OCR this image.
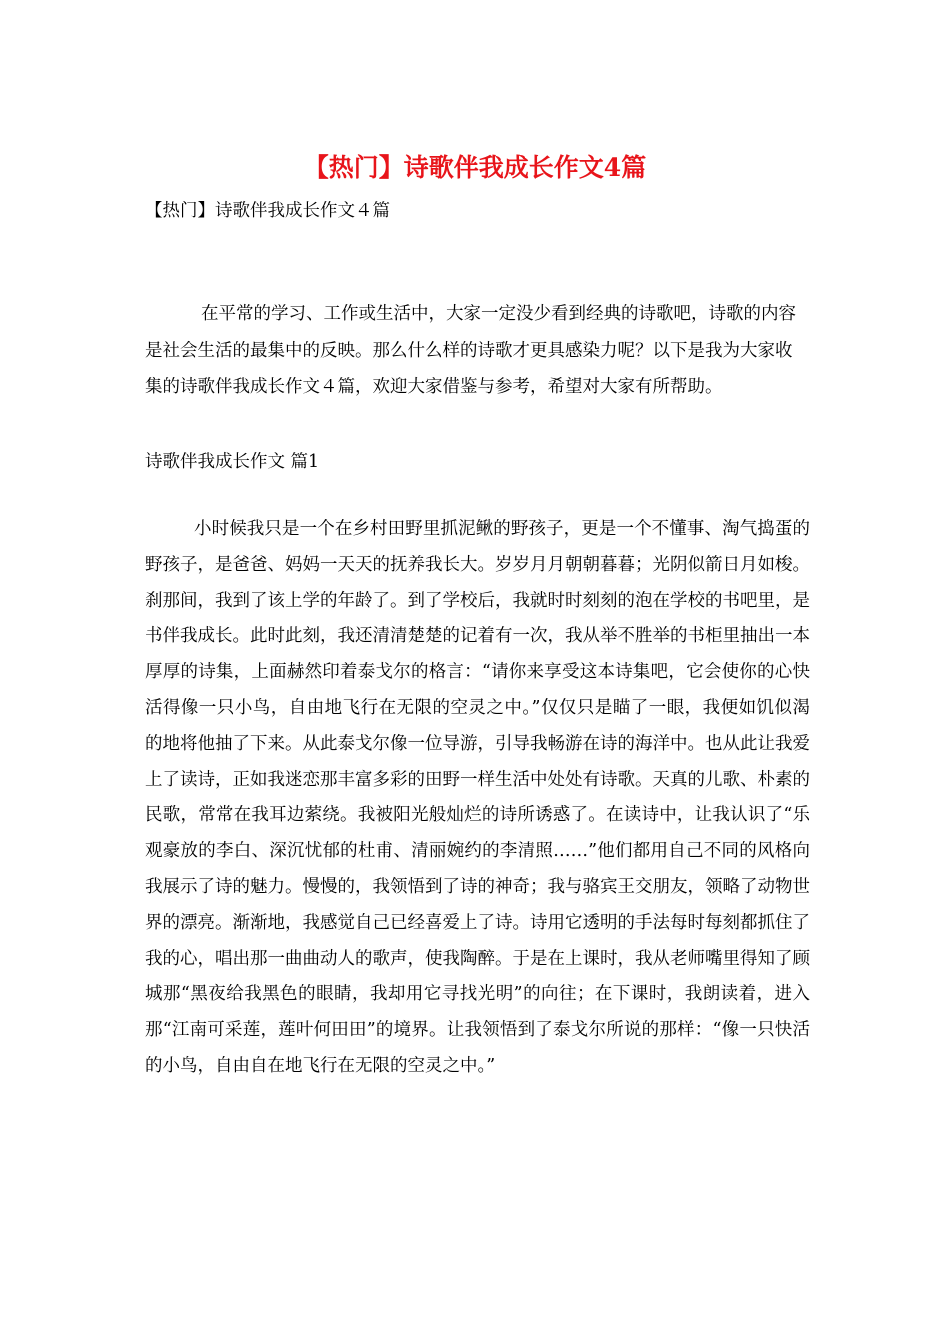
【热门】诗歌伴我成长作文4篇
【热门】诗歌伴我成长作文４篇

在平常的学习、工作或生活中，大家一定没少看到经典的诗歌吧，诗歌的内容是社会生活的最集中的反映。那么什么样的诗歌才更具感染力呢？以下是我为大家收集的诗歌伴我成长作文４篇，欢迎大家借鉴与参考，希望对大家有所帮助。

诗歌伴我成长作文 篇1

小时候我只是一个在乡村田野里抓泥鳅的野孩子，更是一个不懂事、淘气捣蛋的野孩子，是爸爸、妈妈一天天的抚养我长大。岁岁月月朝朝暮暮；光阴似箭日月如梭。刹那间，我到了该上学的年龄了。到了学校后，我就时时刻刻的泡在学校的书吧里，是书伴我成长。此时此刻，我还清清楚楚的记着有一次，我从举不胜举的书柜里抽出一本厚厚的诗集，上面赫然印着泰戈尔的格言：“请你来享受这本诗集吧，它会使你的心快活得像一只小鸟，自由地飞行在无限的空灵之中。”仅仅只是瞄了一眼，我便如饥似渴的地将他抽了下来。从此泰戈尔像一位导游，引导我畅游在诗的海洋中。也从此让我爱上了读诗，正如我迷恋那丰富多彩的田野一样生活中处处有诗歌。天真的儿歌、朴素的民歌，常常在我耳边萦绕。我被阳光般灿烂的诗所诱惑了。在读诗中，让我认识了“乐观豪放的李白、深沉忧郁的杜甫、清丽婉约的李清照……”他们都用自己不同的风格向我展示了诗的魅力。慢慢的，我领悟到了诗的神奇；我与骆宾王交朋友，领略了动物世界的漂亮。渐渐地，我感觉自己已经喜爱上了诗。诗用它透明的手法每时每刻都抓住了我的心，唱出那一曲曲动人的歌声，使我陶醉。于是在上课时，我从老师嘴里得知了顾城那“黑夜给我黑色的眼睛，我却用它寻找光明”的向往；在下课时，我朗读着，进入那“江南可采莲，莲叶何田田”的境界。让我领悟到了泰戈尔所说的那样：“像一只快活的小鸟，自由自在地飞行在无限的空灵之中。”
